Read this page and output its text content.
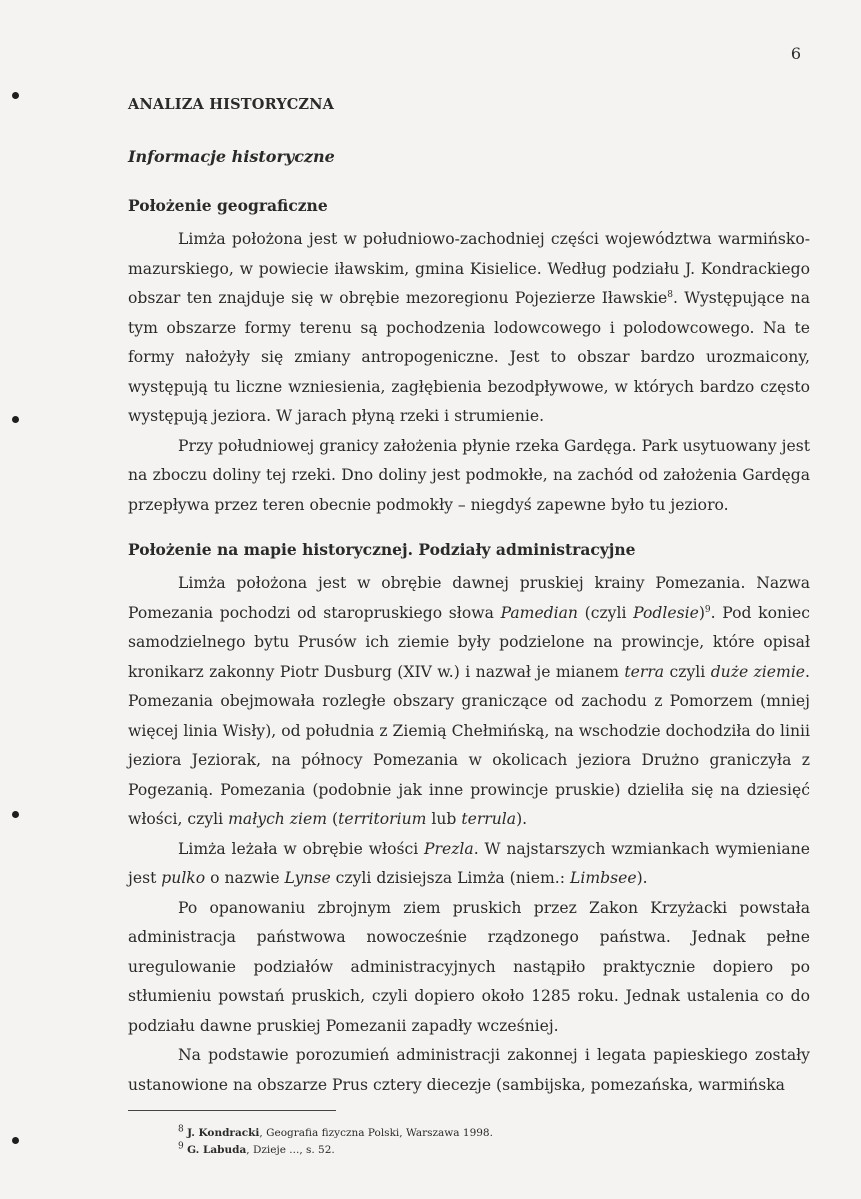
6
ANALIZA HISTORYCZNA
Informacje historyczne
Położenie geograficzne

Limża położona jest w południowo-zachodniej części województwa warmińsko-mazurskiego, w powiecie iławskim, gmina Kisielice. Według podziału J. Kondrackiego obszar ten znajduje się w obrębie mezoregionu Pojezierze Iławskie$^8$. Występujące na tym obszarze formy terenu są pochodzenia lodowcowego i polodowcowego. Na te formy nałożyły się zmiany antropogeniczne. Jest to obszar bardzo urozmaicony, występują tu liczne wzniesienia, zagłębienia bezodpływowe, w których bardzo często występują jeziora. W jarach płyną rzeki i strumienie.

Przy południowej granicy założenia płynie rzeka Gardęga. Park usytuowany jest na zboczu doliny tej rzeki. Dno doliny jest podmokłe, na zachód od założenia Gardęga przepływa przez teren obecnie podmokły – niegdyś zapewne było tu jezioro.

Położenie na mapie historycznej. Podziały administracyjne

Limża położona jest w obrębie dawnej pruskiej krainy Pomezania. Nazwa Pomezania pochodzi od staropruskiego słowa Pamedian (czyli Podlesie)$^9$. Pod koniec samodzielnego bytu Prusów ich ziemie były podzielone na prowincje, które opisał kronikarz zakonny Piotr Dusburg (XIV w.) i nazwał je mianem terra czyli duże ziemie. Pomezania obejmowała rozległe obszary graniczące od zachodu z Pomorzem (mniej więcej linia Wisły), od południa z Ziemią Chełmińską, na wschodzie dochodziła do linii jeziora Jeziorak, na północy Pomezania w okolicach jeziora Drużno graniczyła z Pogezanią. Pomezania (podobnie jak inne prowincje pruskie) dzieliła się na dziesięć włości, czyli małych ziem (territorium lub terrula).

Limża leżała w obrębie włości Prezla. W najstarszych wzmiankach wymieniane jest pulko o nazwie Lynse czyli dzisiejsza Limża (niem.: Limbsee).

Po opanowaniu zbrojnym ziem pruskich przez Zakon Krzyżacki powstała administracja państwowa nowocześnie rządzonego państwa. Jednak pełne uregulowanie podziałów administracyjnych nastąpiło praktycznie dopiero po stłumieniu powstań pruskich, czyli dopiero około 1285 roku. Jednak ustalenia co do podziału dawne pruskiej Pomezanii zapadły wcześniej.

Na podstawie porozumień administracji zakonnej i legata papieskiego zostały ustanowione na obszarze Prus cztery diecezje (sambijska, pomezańska, warmińska

$^8$ J. Kondracki, Geografia fizyczna Polski, Warszawa 1998.

$^9$ G. Labuda, Dzieje ..., s. 52.
